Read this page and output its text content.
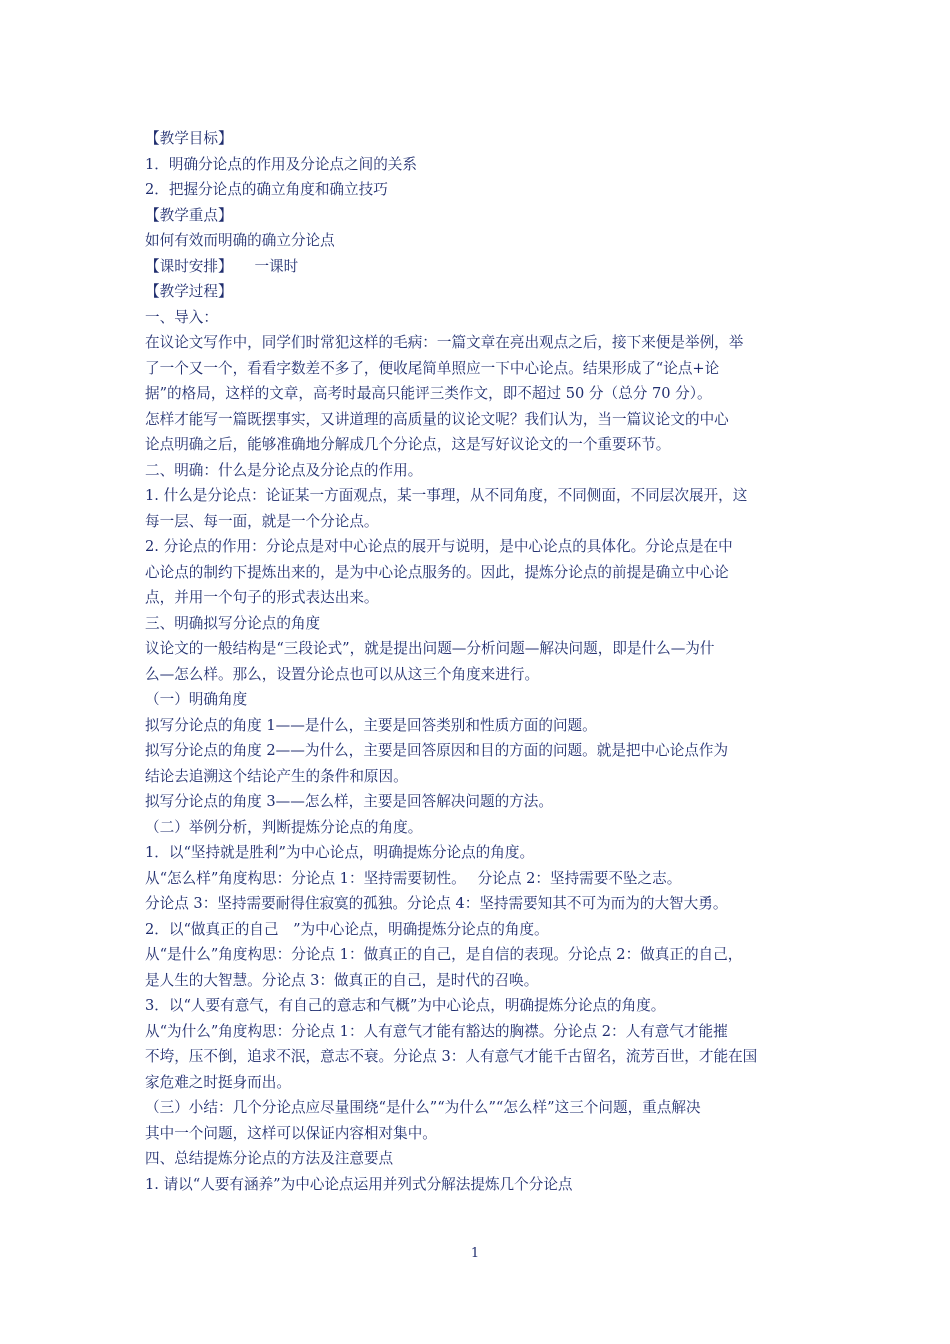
【教学目标】
1．明确分论点的作用及分论点之间的关系
2．把握分论点的确立角度和确立技巧
【教学重点】
如何有效而明确的确立分论点
【课时安排】　　一课时
【教学过程】
一、导入：
在议论文写作中，同学们时常犯这样的毛病：一篇文章在亮出观点之后，接下来便是举例，举
了一个又一个，看看字数差不多了，便收尾简单照应一下中心论点。结果形成了“论点+论
据”的格局，这样的文章，高考时最高只能评三类作文，即不超过 50 分（总分 70 分）。
怎样才能写一篇既摆事实，又讲道理的高质量的议论文呢？我们认为，当一篇议论文的中心
论点明确之后，能够准确地分解成几个分论点，这是写好议论文的一个重要环节。
二、明确：什么是分论点及分论点的作用。
1. 什么是分论点：论证某一方面观点，某一事理，从不同角度，不同侧面，不同层次展开，这
每一层、每一面，就是一个分论点。
2. 分论点的作用：分论点是对中心论点的展开与说明，是中心论点的具体化。分论点是在中
心论点的制约下提炼出来的，是为中心论点服务的。因此，提炼分论点的前提是确立中心论
点，并用一个句子的形式表达出来。
三、明确拟写分论点的角度
议论文的一般结构是“三段论式”，就是提出问题—分析问题—解决问题，即是什么—为什
么—怎么样。那么，设置分论点也可以从这三个角度来进行。
（一）明确角度
拟写分论点的角度 1——是什么，主要是回答类别和性质方面的问题。
拟写分论点的角度 2——为什么，主要是回答原因和目的方面的问题。就是把中心论点作为
结论去追溯这个结论产生的条件和原因。
拟写分论点的角度 3——怎么样，主要是回答解决问题的方法。
（二）举例分析，判断提炼分论点的角度。
1．以“坚持就是胜利”为中心论点，明确提炼分论点的角度。
从“怎么样”角度构思：分论点 1：坚持需要韧性。　 分论点 2：坚持需要不坠之志。
分论点 3：坚持需要耐得住寂寞的孤独。分论点 4：坚持需要知其不可为而为的大智大勇。
2．以“做真正的自己　”为中心论点，明确提炼分论点的角度。
从“是什么”角度构思：分论点 1：做真正的自己，是自信的表现。分论点 2：做真正的自己，
是人生的大智慧。分论点 3：做真正的自己，是时代的召唤。
3．以“人要有意气，有自己的意志和气概”为中心论点，明确提炼分论点的角度。
从“为什么”角度构思：分论点 1：人有意气才能有豁达的胸襟。分论点 2：人有意气才能摧
不垮，压不倒，追求不泯，意志不衰。分论点 3：人有意气才能千古留名，流芳百世，才能在国
家危难之时挺身而出。
（三）小结：几个分论点应尽量围绕“是什么”“为什么”“怎么样”这三个问题，重点解决
其中一个问题，这样可以保证内容相对集中。
四、总结提炼分论点的方法及注意要点
1. 请以“人要有涵养”为中心论点运用并列式分解法提炼几个分论点
1
